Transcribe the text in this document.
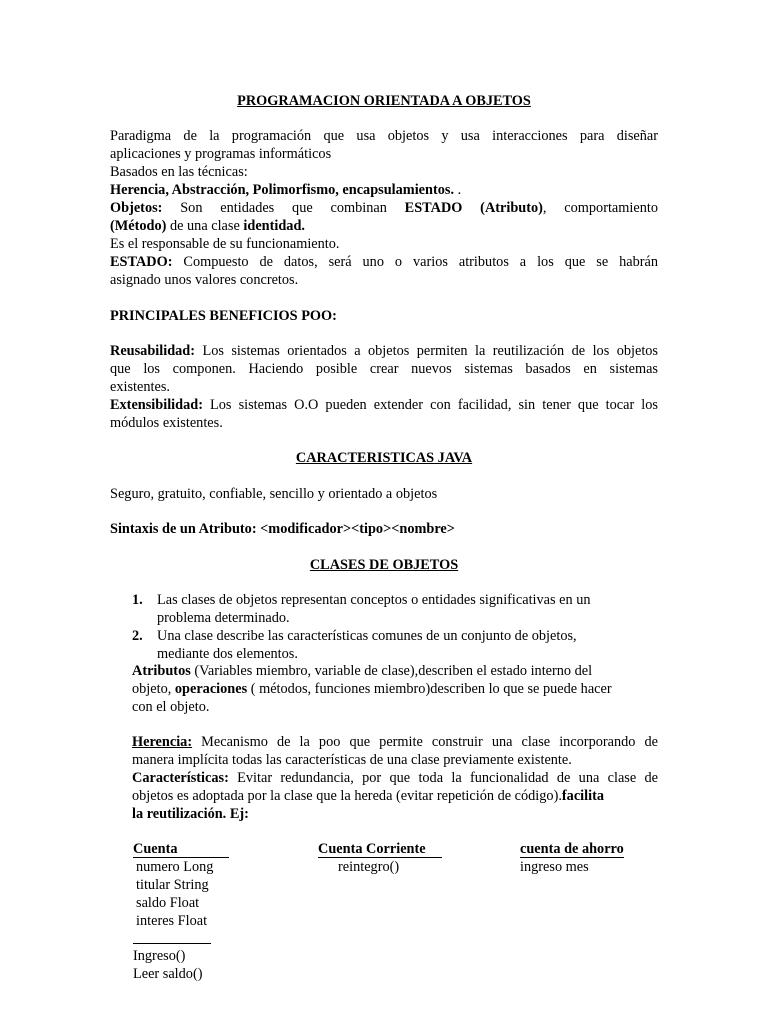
PROGRAMACION ORIENTADA A OBJETOS
Paradigma de la programación que usa objetos y usa interacciones para diseñar
aplicaciones y programas informáticos
Basados en las técnicas:
Herencia, Abstracción, Polimorfismo, encapsulamientos. .
Objetos: Son entidades que combinan ESTADO (Atributo), comportamiento
(Método) de una clase identidad.
Es el responsable de su funcionamiento.
ESTADO: Compuesto de datos, será uno o varios atributos a los que se habrán
asignado unos valores concretos.
PRINCIPALES BENEFICIOS POO:
Reusabilidad: Los sistemas orientados a objetos permiten la reutilización de los objetos
que los componen. Haciendo posible crear nuevos sistemas basados en sistemas
existentes.
Extensibilidad: Los sistemas O.O pueden extender con facilidad, sin tener que tocar los
módulos existentes.
CARACTERISTICAS JAVA
Seguro, gratuito, confiable, sencillo y orientado a objetos
Sintaxis de un Atributo: <modificador><tipo><nombre>
CLASES DE OBJETOS
1. Las clases de objetos representan conceptos o entidades significativas en un
problema determinado.
2. Una clase describe las características comunes de un conjunto de objetos,
mediante dos elementos.
Atributos (Variables miembro, variable de clase),describen el estado interno del
objeto, operaciones ( métodos, funciones miembro)describen lo que se puede hacer
con el objeto.
Herencia: Mecanismo de la poo que permite construir una clase incorporando de
manera implícita todas las características de una clase previamente existente.
Características: Evitar redundancia, por que toda la funcionalidad de una clase de
objetos es adoptada por la clase que la hereda (evitar repetición de código).facilita
la reutilización. Ej:
Cuenta
numero Long
titular String
saldo Float
interes Float
Ingreso()
Leer saldo()
Cuenta Corriente
reintegro()
cuenta de ahorro
ingreso mes
